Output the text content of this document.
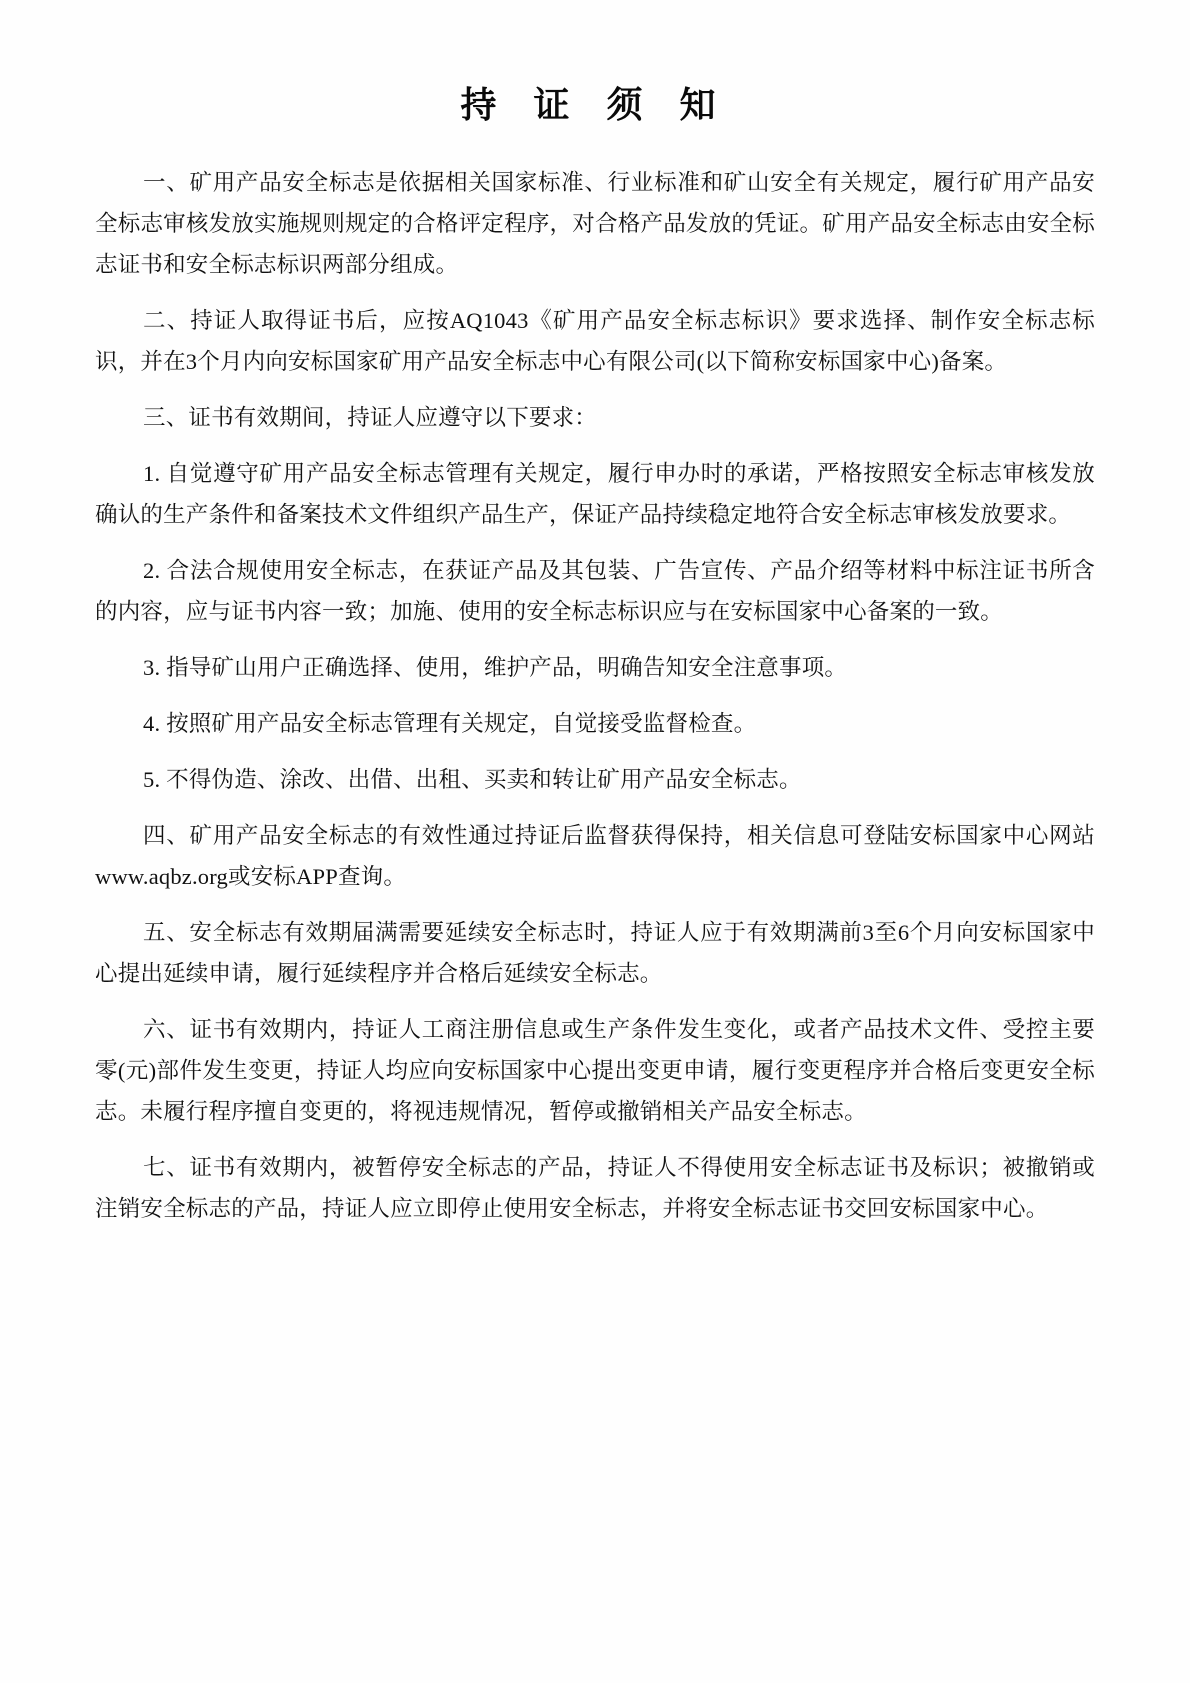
持 证 须 知

一、矿用产品安全标志是依据相关国家标准、行业标准和矿山安全有关规定，履行矿用产品安全标志审核发放实施规则规定的合格评定程序，对合格产品发放的凭证。矿用产品安全标志由安全标志证书和安全标志标识两部分组成。

二、持证人取得证书后，应按AQ1043《矿用产品安全标志标识》要求选择、制作安全标志标识，并在3个月内向安标国家矿用产品安全标志中心有限公司(以下简称安标国家中心)备案。

三、证书有效期间，持证人应遵守以下要求：

1. 自觉遵守矿用产品安全标志管理有关规定，履行申办时的承诺，严格按照安全标志审核发放确认的生产条件和备案技术文件组织产品生产，保证产品持续稳定地符合安全标志审核发放要求。

2. 合法合规使用安全标志，在获证产品及其包装、广告宣传、产品介绍等材料中标注证书所含的内容，应与证书内容一致；加施、使用的安全标志标识应与在安标国家中心备案的一致。

3. 指导矿山用户正确选择、使用，维护产品，明确告知安全注意事项。

4. 按照矿用产品安全标志管理有关规定，自觉接受监督检查。

5. 不得伪造、涂改、出借、出租、买卖和转让矿用产品安全标志。

四、矿用产品安全标志的有效性通过持证后监督获得保持，相关信息可登陆安标国家中心网站www.aqbz.org或安标APP查询。

五、安全标志有效期届满需要延续安全标志时，持证人应于有效期满前3至6个月向安标国家中心提出延续申请，履行延续程序并合格后延续安全标志。

六、证书有效期内，持证人工商注册信息或生产条件发生变化，或者产品技术文件、受控主要零(元)部件发生变更，持证人均应向安标国家中心提出变更申请，履行变更程序并合格后变更安全标志。未履行程序擅自变更的，将视违规情况，暂停或撤销相关产品安全标志。

七、证书有效期内，被暂停安全标志的产品，持证人不得使用安全标志证书及标识；被撤销或注销安全标志的产品，持证人应立即停止使用安全标志，并将安全标志证书交回安标国家中心。
